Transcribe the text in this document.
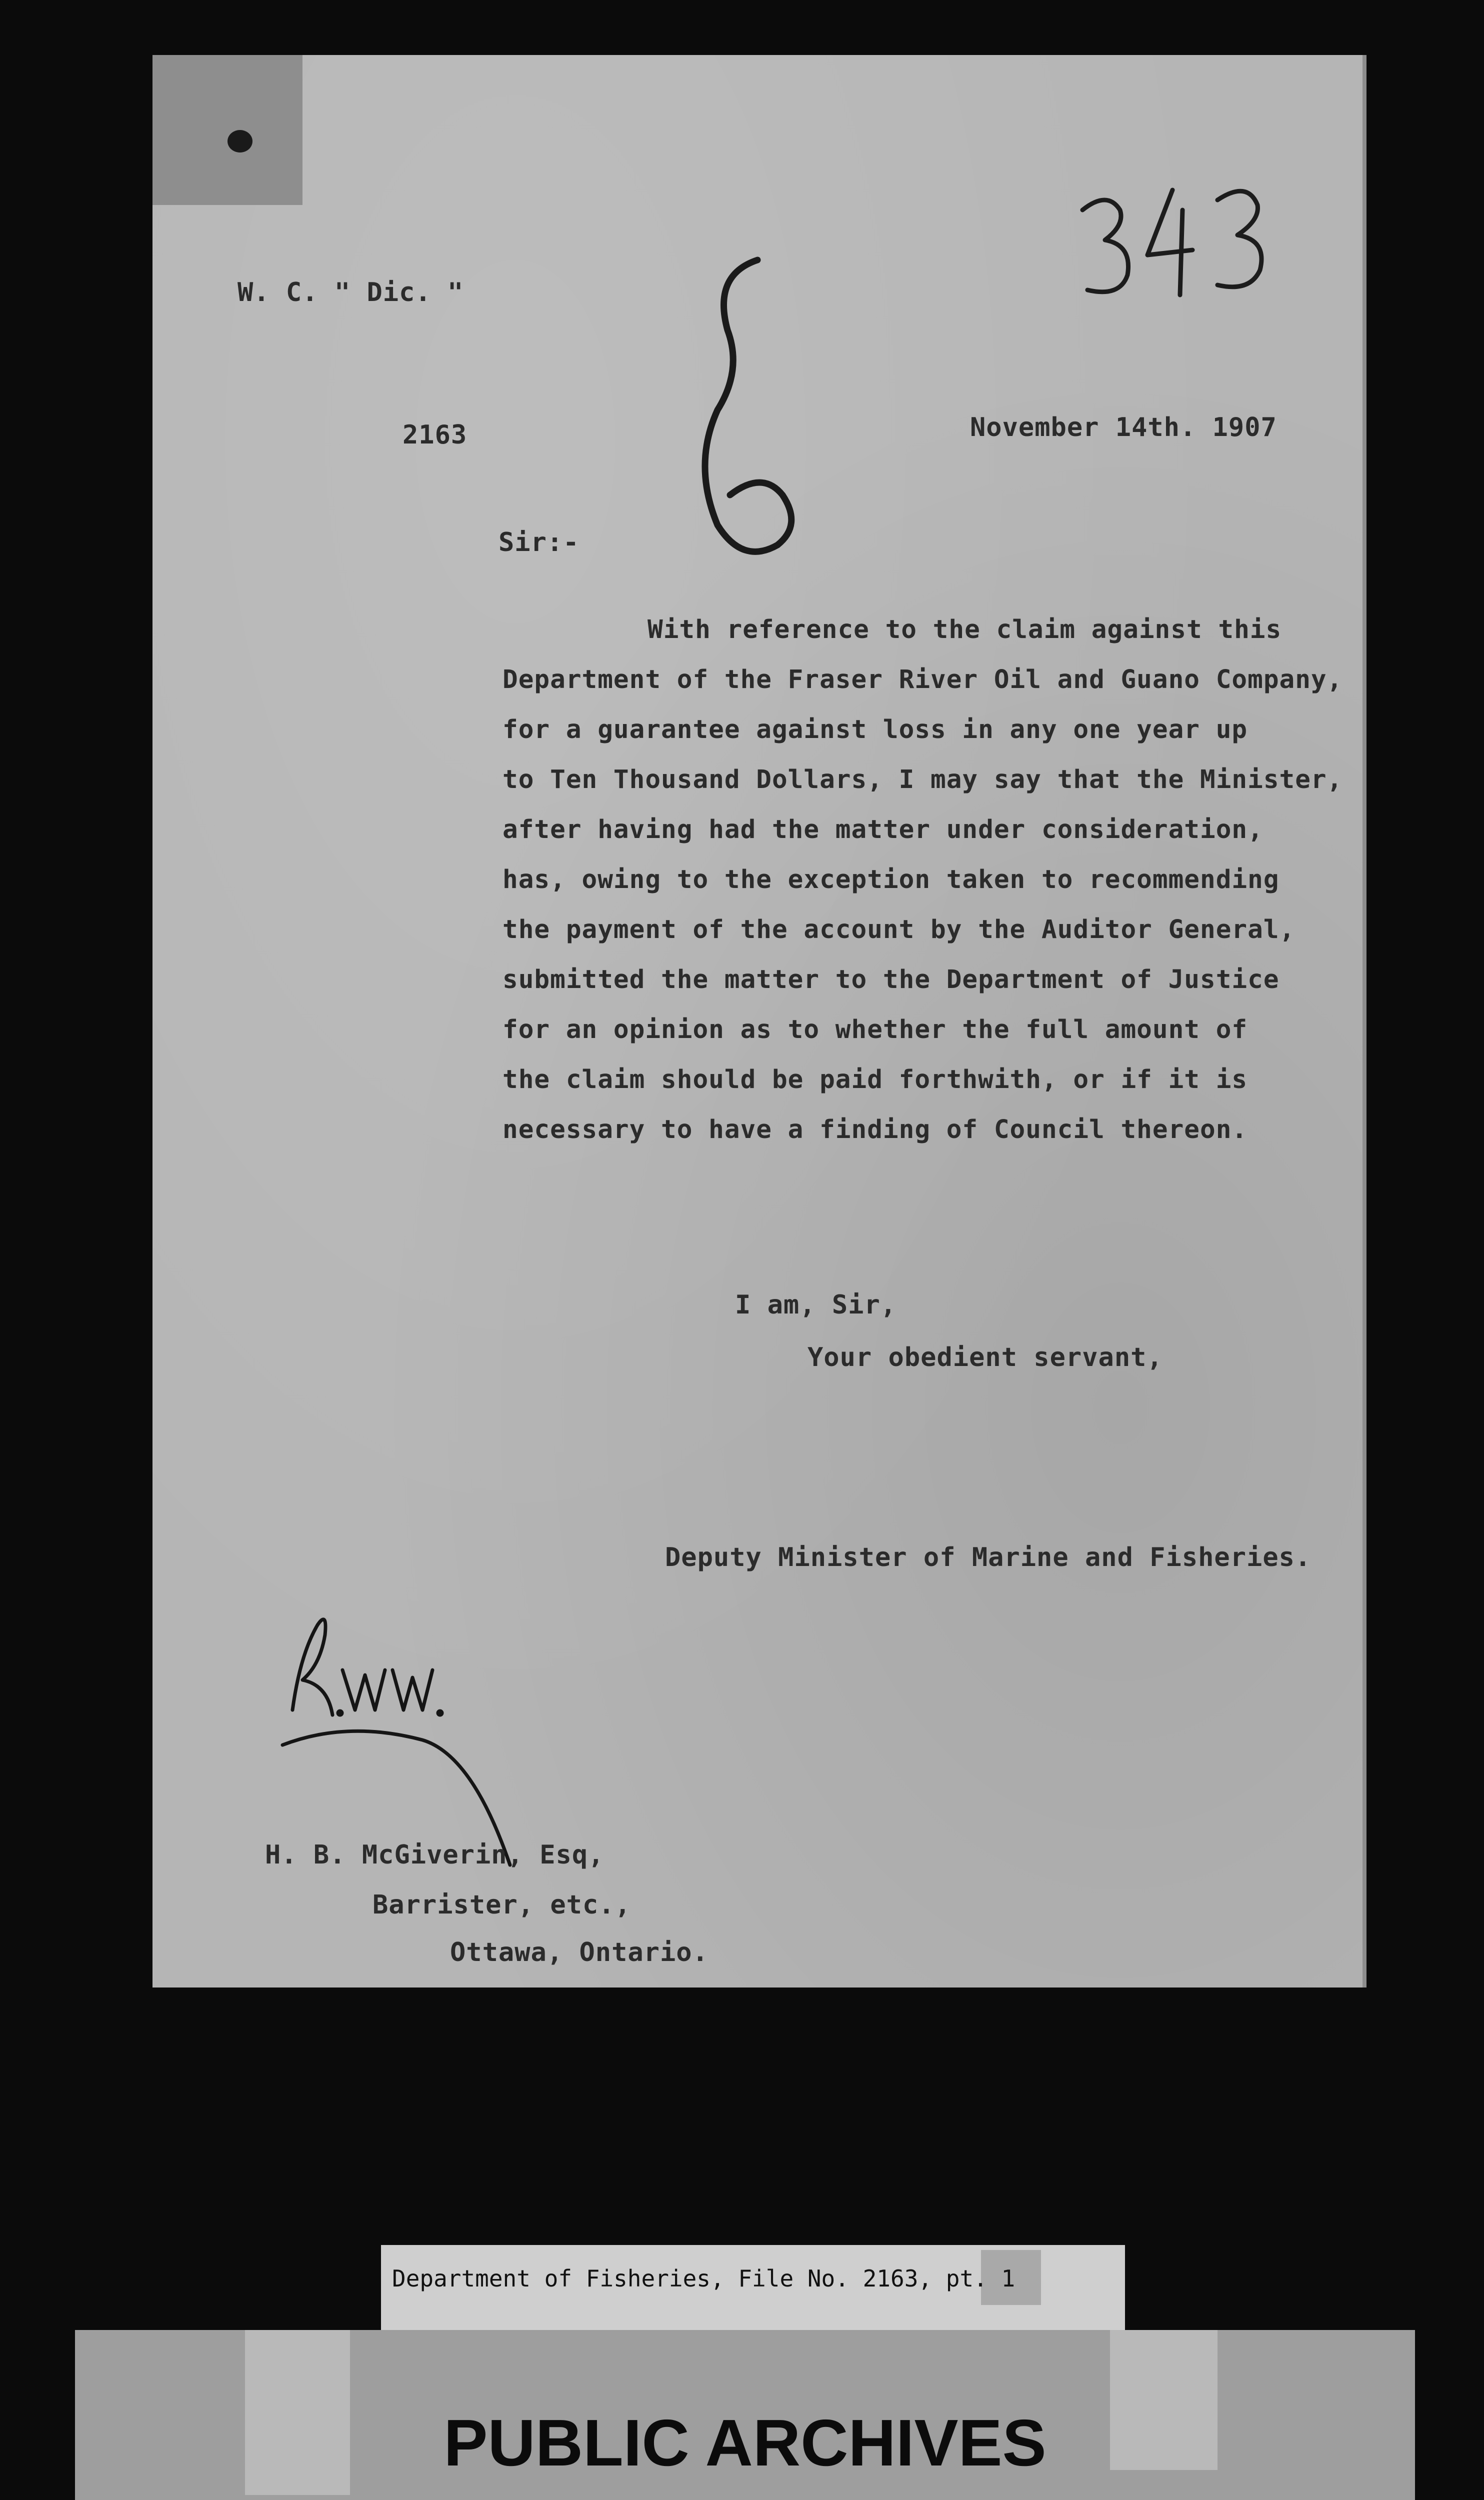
W. C. " Dic. "
2163	November 14th. 1907
Sir:-
With reference to the claim against this
Department of the Fraser River Oil and Guano Company,
for a guarantee against loss in any one year up
to Ten Thousand Dollars, I may say that the Minister,
after having had the matter under consideration,
has, owing to the exception taken to recommending
the payment of the account by the Auditor General,
submitted the matter to the Department of Justice
for an opinion as to whether the full amount of
the claim should be paid forthwith, or if it is
necessary to have a finding of Council thereon.
I am, Sir,
Your obedient servant,
Deputy Minister of Marine and Fisheries.
H. B. McGiverin, Esq,
Barrister, etc.,
Ottawa, Ontario.
Department of Fisheries, File No. 2163, pt. 1
PUBLIC ARCHIVES
